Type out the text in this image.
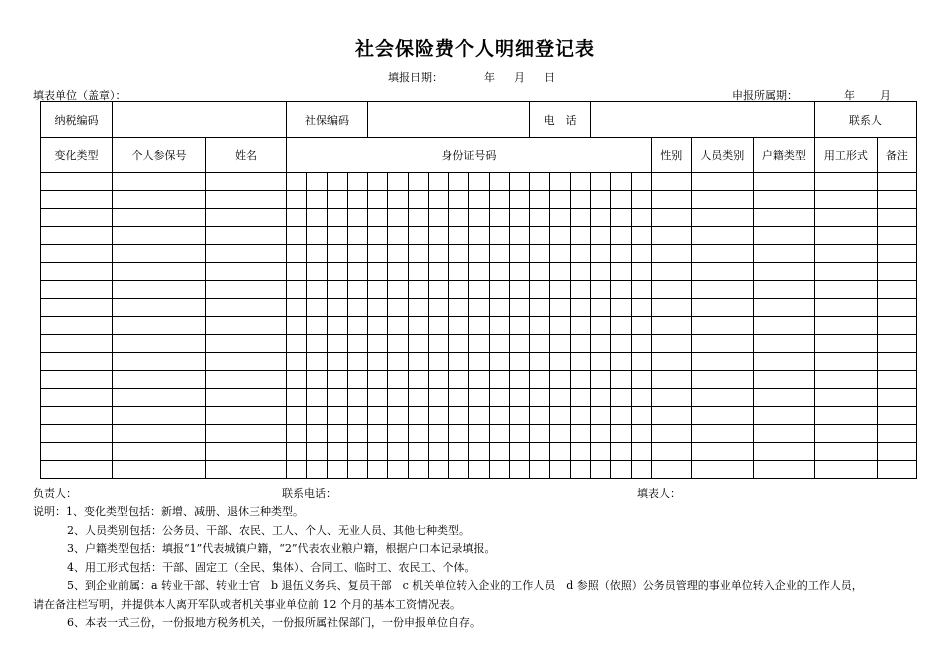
社会保险费个人明细登记表
填报日期：	年 月 日
填表单位（盖章）：	申报所属期：	年 月
纳税编码			社保编码												电　话									联系人		
变化类型	个人参保号	姓名	身份证号码																		性别	人员类别	户籍类型	用工形式	备注	

负责人：	联系电话：	填表人：
说明：1、变化类型包括：新增、减册、退休三种类型。
2、人员类别包括：公务员、干部、农民、工人、个人、无业人员、其他七种类型。
3、户籍类型包括：填报“1”代表城镇户籍，“2”代表农业粮户籍，根据户口本记录填报。
4、用工形式包括：干部、固定工（全民、集体）、合同工、临时工、农民工、个体。
5、到企业前属：a 转业干部、转业士官　b 退伍义务兵、复员干部　c 机关单位转入企业的工作人员　d 参照（依照）公务员管理的事业单位转入企业的工作人员，
请在备注栏写明，并提供本人离开军队或者机关事业单位前 12 个月的基本工资情况表。
6、本表一式三份，一份报地方税务机关，一份报所属社保部门，一份申报单位自存。
